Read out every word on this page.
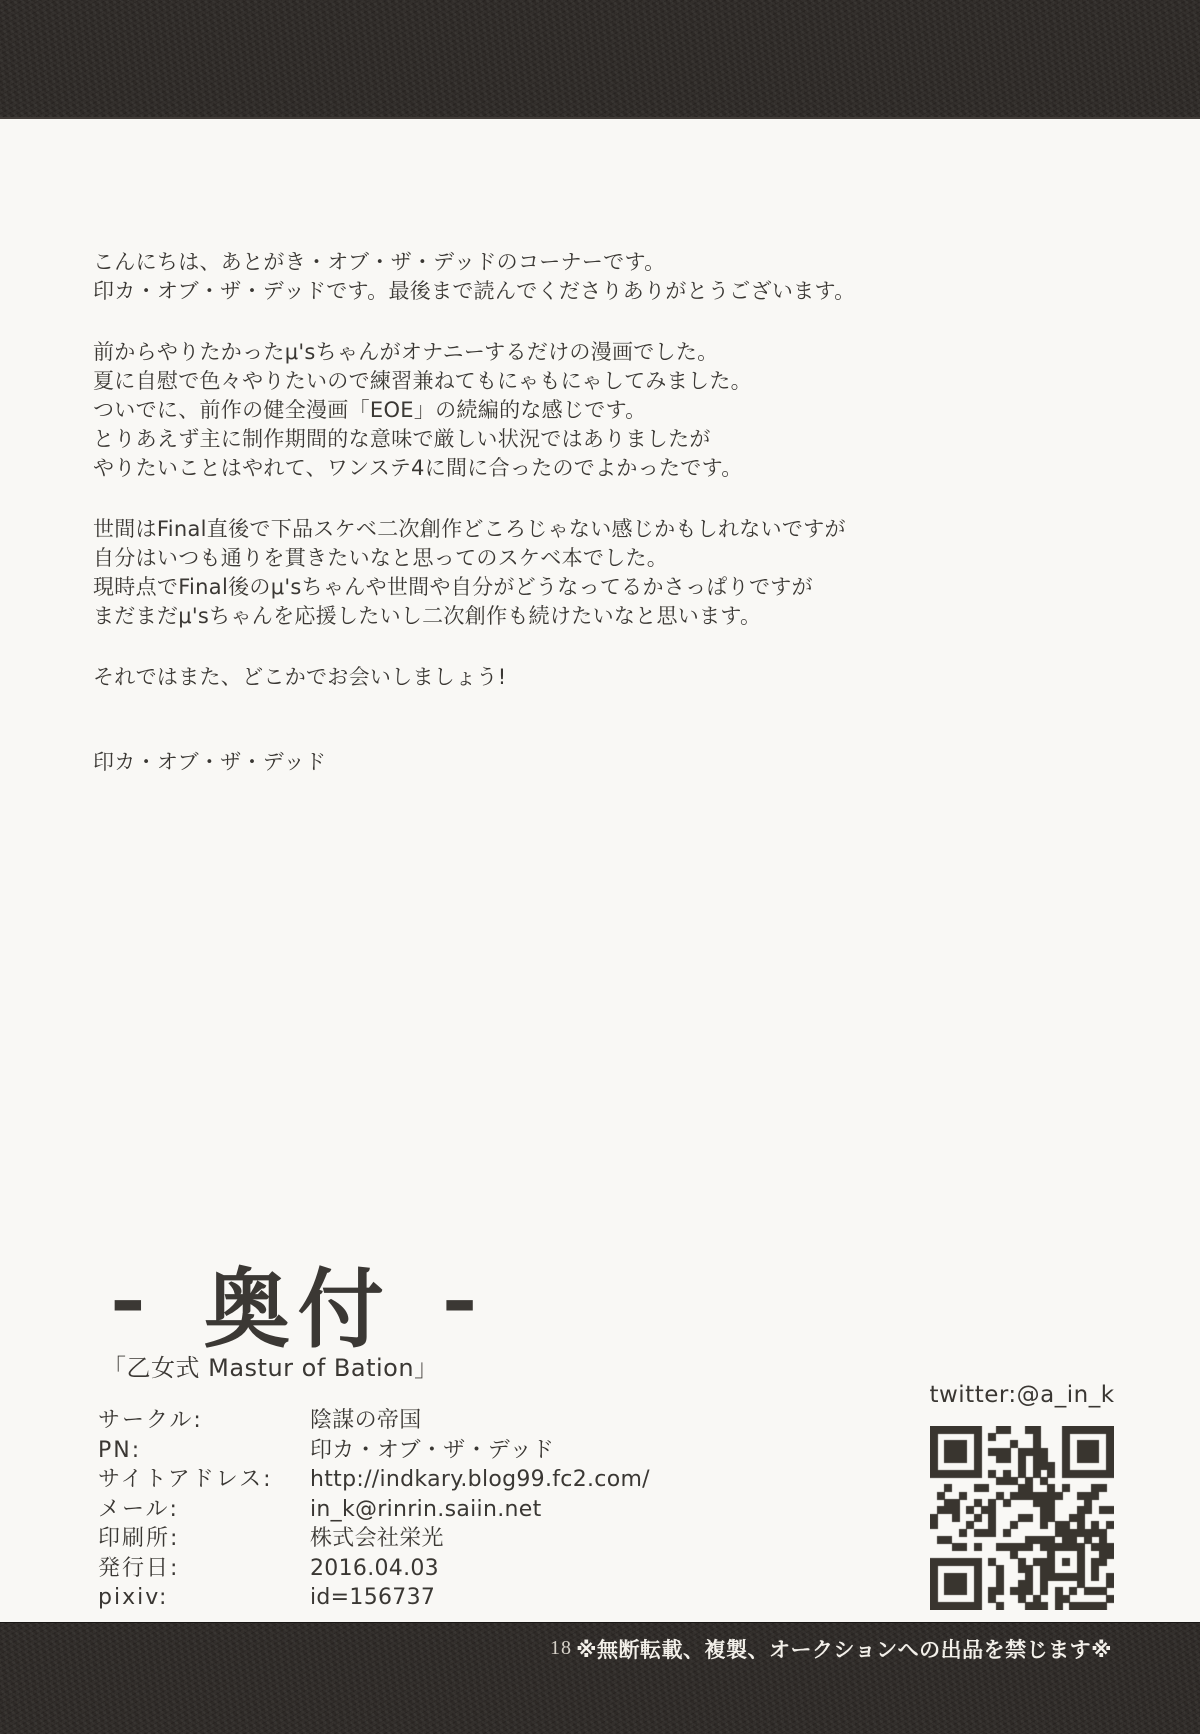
こんにちは、あとがき・オブ・ザ・デッドのコーナーです。
印カ・オブ・ザ・デッドです。最後まで読んでくださりありがとうございます。
前からやりたかったμ'sちゃんがオナニーするだけの漫画でした。
夏に自慰で色々やりたいので練習兼ねてもにゃもにゃしてみました。
ついでに、前作の健全漫画「EOE」の続編的な感じです。
とりあえず主に制作期間的な意味で厳しい状況ではありましたが
やりたいことはやれて、ワンステ4に間に合ったのでよかったです。
世間はFinal直後で下品スケベ二次創作どころじゃない感じかもしれないですが
自分はいつも通りを貫きたいなと思ってのスケベ本でした。
現時点でFinal後のμ'sちゃんや世間や自分がどうなってるかさっぱりですが
まだまだμ'sちゃんを応援したいし二次創作も続けたいなと思います。
それではまた、どこかでお会いしましょう!
印カ・オブ・ザ・デッド
- 奥付 -
「乙女式 Mastur of Bation」
サークル:	陰謀の帝国
PN:	印カ・オブ・ザ・デッド
サイトアドレス:	http://indkary.blog99.fc2.com/
メール:	in_k@rinrin.saiin.net
印刷所:	株式会社栄光
発行日:	2016.04.03
pixiv:	id=156737
twitter:@a_in_k
18 ※無断転載、複製、オークションへの出品を禁じます※
